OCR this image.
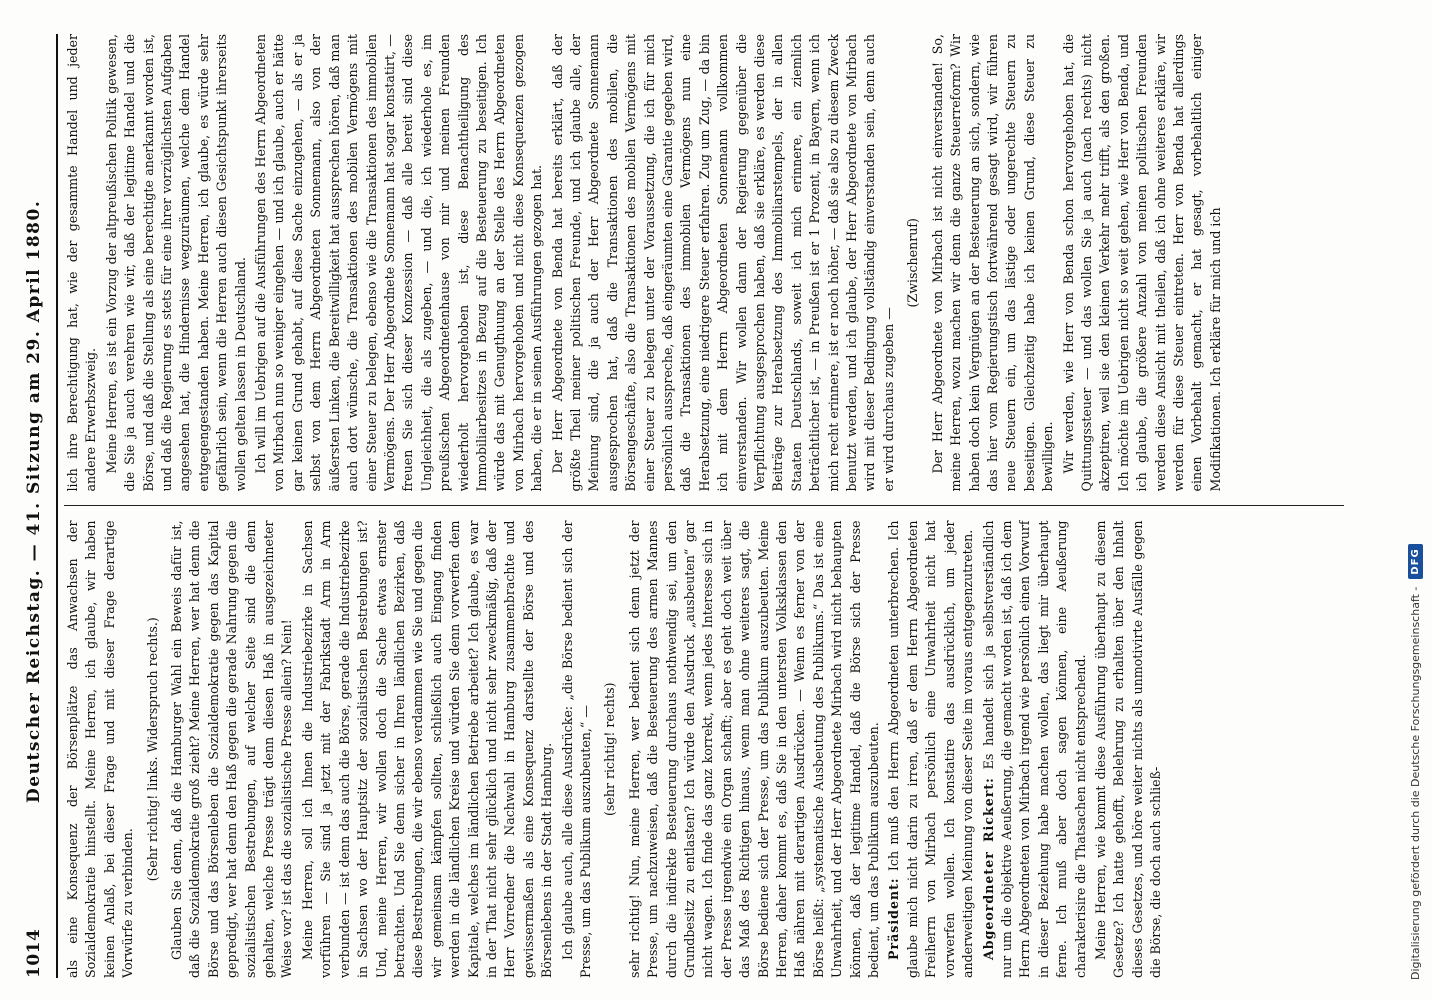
1014
Deutscher Reichstag. — 41. Sitzung am 29. April 1880. als eine Konsequenz der Börsenplätze das Anwachsen der Sozialdemokratie hinstellt. Meine Herren, ich glaube, wir haben keinen Anlaß, bei dieser Frage und mit dieser Frage derartige Vorwürfe zu verbinden.

(Sehr richtig! links. Widerspruch rechts.) Glauben Sie denn, daß die Hamburger Wahl ein Beweis dafür ist, daß die Sozialdemokratie groß zieht? Meine Herren, wer hat denn die Börse und das Börsenleben die Sozialdemokratie gegen das Kapital gepredigt, wer hat denn den Haß gegen die gerade Nahrung gegen die sozialistischen Bestrebungen, auf welcher Seite sind die denn gehalten, welche Presse trägt denn diesen Haß in ausgezeichneter Weise vor? ist das die sozialistische Presse allein? Nein! Meine Herren, soll ich Ihnen die Industriebezirke in Sachsen vorführen — Sie sind ja jetzt mit der Fabrikstadt Arm in Arm verbunden — ist denn das auch die Börse, gerade die Industriebezirke in Sachsen wo der Hauptsitz der sozialistischen Bestrebungen ist? Und, meine Herren, wir wollen doch die Sache etwas ernster betrachten. Und Sie denn sicher in Ihren ländlichen Bezirken, daß diese Bestrebungen, die wir ebenso verdammen wie Sie und gegen die wir gemeinsam kämpfen sollten, schließlich auch Eingang finden werden in die ländlichen Kreise und würden Sie denn vorwerfen dem Kapitale, welches im ländlichen Betriebe arbeitet? Ich glaube, es war in der That nicht sehr glücklich und nicht sehr zweckmäßig, daß der Herr Vorredner die Nachwahl in Hamburg zusammenbrachte und gewissermaßen als eine Konsequenz darstellte der Börse und des Börsenlebens in der Stadt Hamburg. Ich glaube auch, alle diese Ausdrücke: „die Börse bedient sich der Presse, um das Publikum auszubeuten,“ — (sehr richtig! rechts) sehr richtig! Nun, meine Herren, wer bedient sich denn jetzt der Presse, um nachzuweisen, daß die Besteuerung des armen Mannes durch die indirekte Besteuerung durchaus nothwendig sei, um den Grundbesitz zu entlasten? Ich würde den Ausdruck „ausbeuten“ gar nicht wagen. Ich finde das ganz korrekt, wenn jedes Interesse sich in der Presse irgendwie ein Organ schafft; aber es geht doch weit über das Maß des Richtigen hinaus, wenn man ohne weiteres sagt, die Börse bediene sich der Presse, um das Publikum auszubeuten. Meine Herren, daher kommt es, daß Sie in den untersten Volksklassen den Haß nähren mit derartigen Ausdrücken. — Wenn es ferner von der Börse heißt: „systematische Ausbeutung des Publikums.“ Das ist eine Unwahrheit, und der Herr Abgeordnete Mirbach wird nicht behaupten können, daß der legitime Handel, daß die Börse sich der Presse bedient, um das Publikum auszubeuten. Präsident: Ich muß den Herrn Abgeordneten unterbrechen. Ich glaube mich nicht darin zu irren, daß er dem Herrn Abgeordneten Freiherrn von Mirbach persönlich eine Unwahrheit nicht hat vorwerfen wollen. Ich konstatire das ausdrücklich, um jeder anderweitigen Meinung von dieser Seite im voraus entgegenzutreten. Abgeordneter Rickert: Es handelt sich ja selbstverständlich nur um die objektive Aeußerung, die gemacht worden ist, daß ich dem Herrn Abgeordneten von Mirbach irgend wie persönlich einen Vorwurf in dieser Beziehung habe machen wollen, das liegt mir überhaupt ferne. Ich muß aber doch sagen können, eine Aeußerung charakterisire die Thatsachen nicht entsprechend. Meine Herren, wie kommt diese Ausführung überhaupt zu diesem Gesetze? Ich hatte gehofft, Belehrung zu erhalten über den Inhalt dieses Gesetzes, und höre weiter nichts als unmotivirte Ausfälle gegen die Börse, die doch auch schließ-

lich ihre Berechtigung hat, wie der gesammte Handel und jeder andere Erwerbszweig. Meine Herren, es ist ein Vorzug der altpreußischen Politik gewesen, die Sie ja auch verehren wie wir, daß der legitime Handel und die Börse, und daß die Stellung als eine berechtigte anerkannt worden ist, und daß die Regierung es stets für eine ihrer vorzüglichsten Aufgaben angesehen hat, die Hindernisse wegzuräumen, welche dem Handel entgegengestanden haben. Meine Herren, ich glaube, es würde sehr gefährlich sein, wenn die Herren auch diesen Gesichtspunkt ihrerseits wollen gelten lassen in Deutschland. Ich will im Uebrigen auf die Ausführungen des Herrn Abgeordneten von Mirbach nun so weniger eingehen — und ich glaube, auch er hätte gar keinen Grund gehabt, auf diese Sache einzugehen, — als er ja selbst von dem Herrn Abgeordneten Sonnemann, also von der äußersten Linken, die Bereitwilligkeit hat aussprechen hören, daß man auch dort wünsche, die Transaktionen des mobilen Vermögens mit einer Steuer zu belegen, ebenso wie die Transaktionen des immobilen Vermögens. Der Herr Abgeordnete Sonnemann hat sogar konstatirt, — freuen Sie sich dieser Konzession — daß alle bereit sind diese Ungleichheit, die als zugeben, — und die, ich wiederhole es, im preußischen Abgeordnetenhause von mir und meinen Freunden wiederholt hervorgehoben ist, diese Benachtheiligung des Immobiliarbesitzes in Bezug auf die Besteuerung zu beseitigen. Ich würde das mit Genugthuung an der Stelle des Herrn Abgeordneten von Mirbach hervorgehoben und nicht diese Konsequenzen gezogen haben, die er in seinen Ausführungen gezogen hat. Der Herr Abgeordnete von Benda hat bereits erklärt, daß der größte Theil meiner politischen Freunde, und ich glaube alle, der Meinung sind, die ja auch der Herr Abgeordnete Sonnemann ausgesprochen hat, daß die Transaktionen des mobilen, die Börsengeschäfte, also die Transaktionen des mobilen Vermögens mit einer Steuer zu belegen unter der Voraussetzung, die ich für mich persönlich ausspreche, daß eingeräumten eine Garantie gegeben wird, daß die Transaktionen des immobilen Vermögens nun eine Herabsetzung, eine niedrigere Steuer erfahren. Zug um Zug, — da bin ich mit dem Herrn Abgeordneten Sonnemann vollkommen einverstanden. Wir wollen dann der Regierung gegenüber die Verpflichtung ausgesprochen haben, daß sie erkläre, es werden diese Beiträge zur Herabsetzung des Immobiliarstempels, der in allen Staaten Deutschlands, soweit ich mich erinnere, ein ziemlich beträchtlicher ist, — in Preußen ist er 1 Prozent, in Bayern, wenn ich mich recht erinnere, ist er noch höher, — daß sie also zu diesem Zweck benutzt werden, und ich glaube, der Herr Abgeordnete von Mirbach wird mit dieser Bedingung vollständig einverstanden sein, denn auch er wird durchaus zugeben —

(Zwischenruf) Der Herr Abgeordnete von Mirbach ist nicht einverstanden! So, meine Herren, wozu machen wir denn die ganze Steuerreform? Wir haben doch kein Vergnügen an der Besteuerung an sich, sondern, wie das hier vom Regierungstisch fortwährend gesagt wird, wir führen neue Steuern ein, um das lästige oder ungerechte Steuern zu beseitigen. Gleichzeitig habe ich keinen Grund, diese Steuer zu bewilligen. Wir werden, wie Herr von Benda schon hervorgehoben hat, die Quittungssteuer — und das wollen Sie ja auch (nach rechts) nicht akzeptiren, weil sie den kleinen Verkehr mehr trifft, als den großen. Ich möchte im Uebrigen nicht so weit gehen, wie Herr von Benda, und ich glaube, die größere Anzahl von meinen politischen Freunden werden diese Ansicht mit theilen, daß ich ohne weiteres erkläre, wir werden für diese Steuer eintreten. Herr von Benda hat allerdings einen Vorbehalt gemacht, er hat gesagt, vorbehaltlich einiger Modifikationen. Ich erkläre für mich und ich

Digitalisierung gefördert durch die Deutsche Forschungsgemeinschaft -
DFG
